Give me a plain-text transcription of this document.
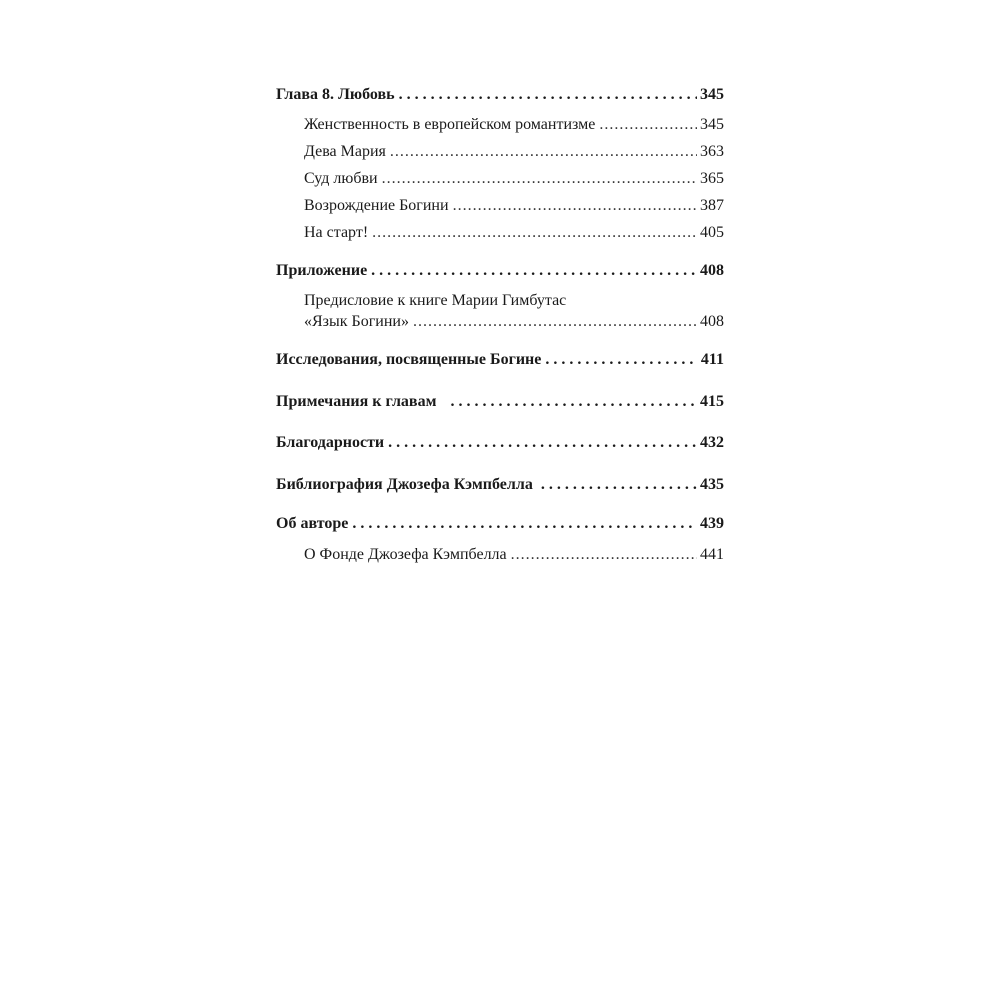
Глава 8. Любовь . . .	345
Женственность в европейском романтизме .....	345
Дева Мария .....	363
Суд любви .....	365
Возрождение Богини .....	387
На старт! .....	405
Приложение . . .	408
Предисловие к книге Марии Гимбутас
«Язык Богини» .....	408
Исследования, посвященные Богине . . .	411
Примечания к главам . . .	415
Благодарности . . .	432
Библиография Джозефа Кэмпбелла . . .	435
Об авторе . . .	439
О Фонде Джозефа Кэмпбелла .....	441
